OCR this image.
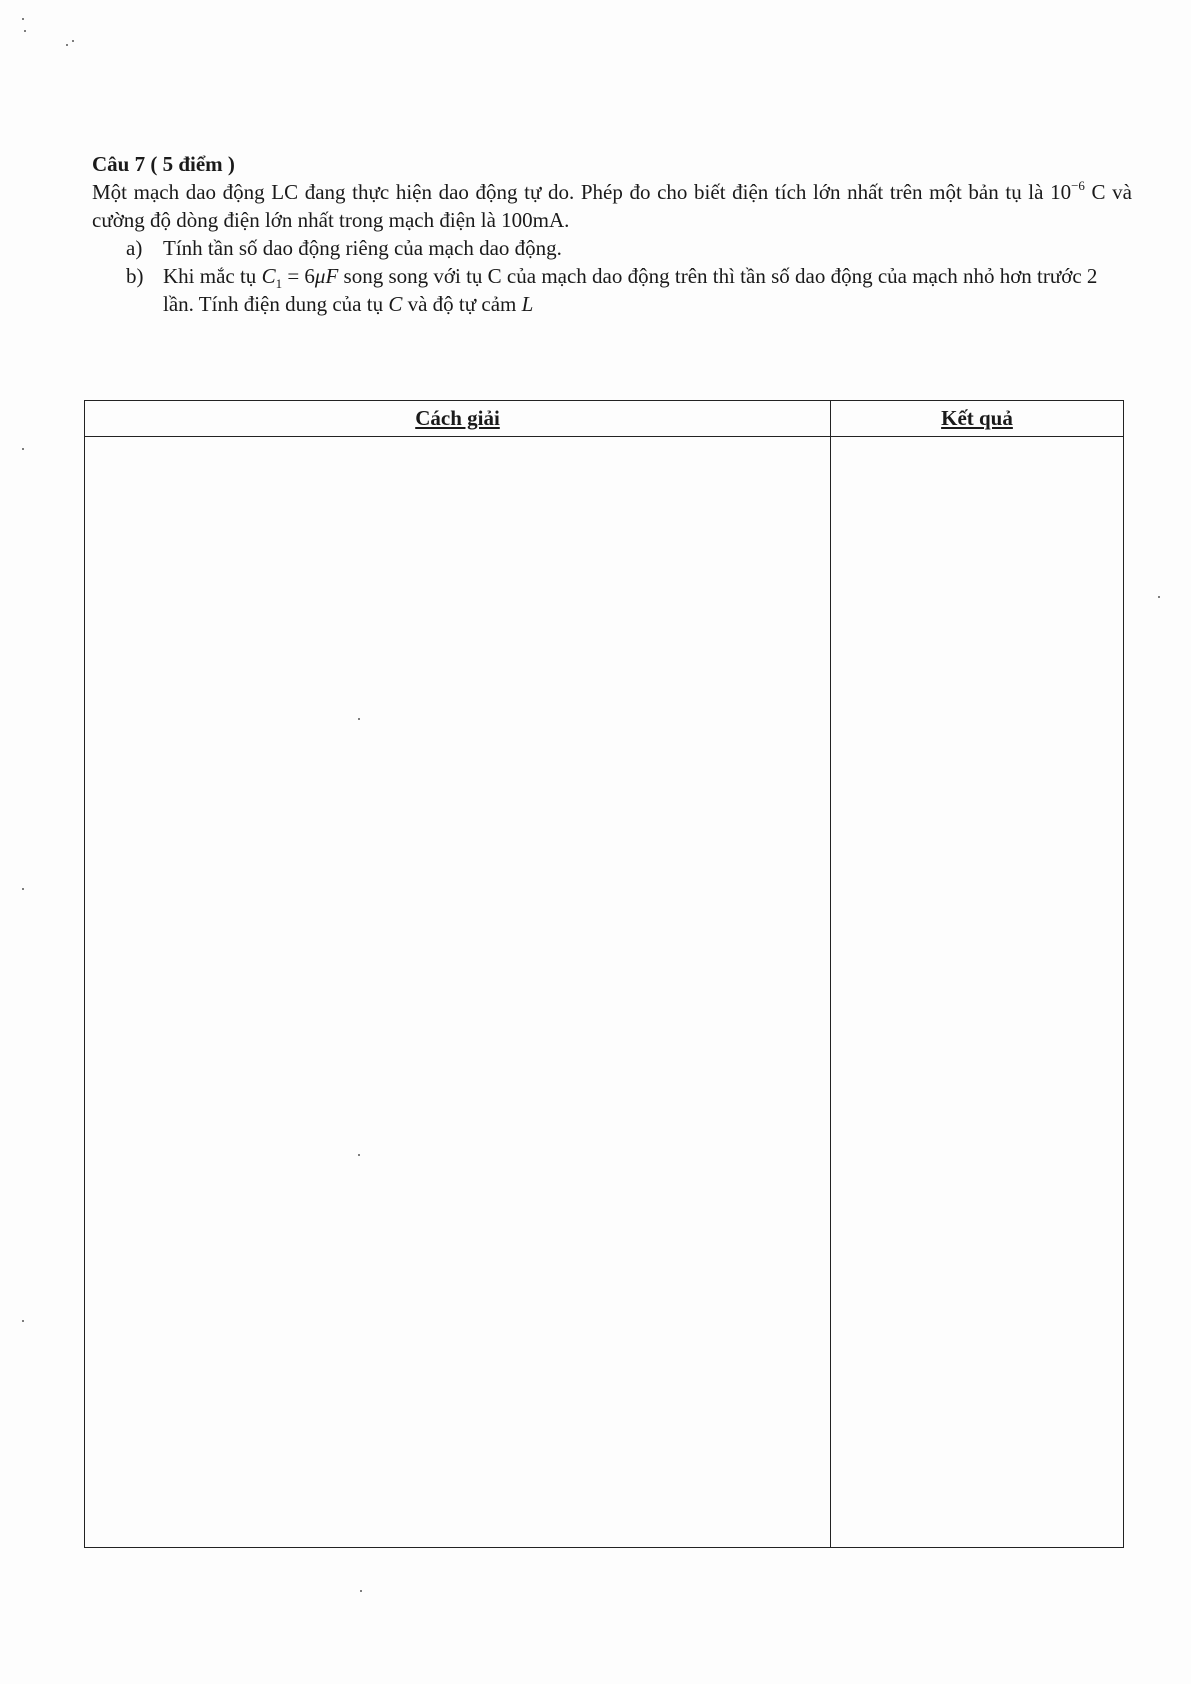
Câu 7 ( 5 điểm )
Một mạch dao động LC đang thực hiện dao động tự do. Phép đo cho biết điện tích lớn nhất trên một bản tụ là $10^{-6}$ C và cường độ dòng điện lớn nhất trong mạch điện là 100mA.
a) Tính tần số dao động riêng của mạch dao động.
b) Khi mắc tụ $C_1 = 6\mu F$ song song với tụ C của mạch dao động trên thì tần số dao động của mạch nhỏ hơn trước 2 lần. Tính điện dung của tụ C và độ tự cảm L
Cách giải	Kết quả
